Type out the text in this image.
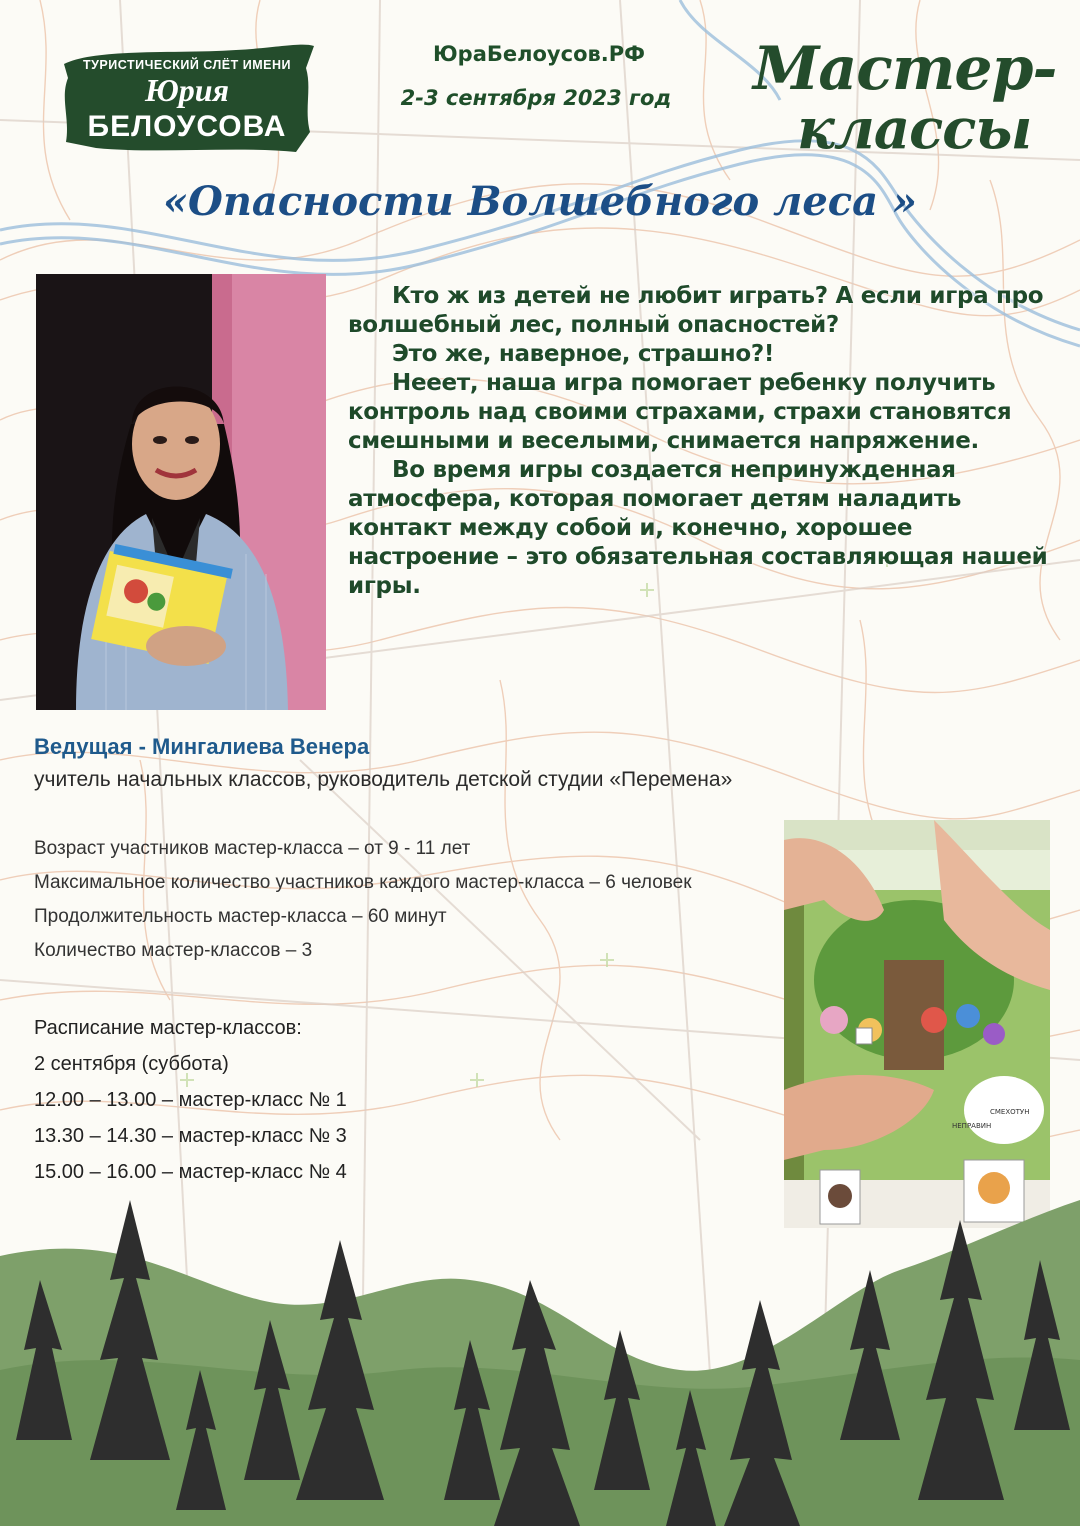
ТУРИСТИЧЕСКИЙ СЛЁТ ИМЕНИ
Юрия
БЕЛОУСОВА
ЮраБелоусов.РФ
2-3 сентября 2023 год	Мастер-
классы
«Опасности Волшебного леса »

Кто ж из детей не любит играть? А если игра про волшебный лес, полный опасностей?

Это же, наверное, страшно?!

Нееет, наша игра помогает ребенку получить контроль над своими страхами, страхи становятся смешными и веселыми, снимается напряжение.

Во время игры создается непринужденная атмосфера, которая помогает детям наладить контакт между собой и, конечно, хорошее настроение – это обязательная составляющая нашей игры.

Ведущая - Мингалиева Венера
учитель начальных классов, руководитель детской студии «Перемена»
Возраст участников мастер-класса – от 9 - 11 лет
Максимальное количество участников каждого мастер-класса – 6 человек
Продолжительность мастер-класса – 60 минут
Количество мастер-классов – 3
Расписание мастер-классов:
2 сентября (суббота)
12.00 – 13.00 – мастер-класс № 1
13.30 – 14.30 – мастер-класс № 3
15.00 – 16.00 – мастер-класс № 4
СМЕХОТУН
НЕПРАВИН
